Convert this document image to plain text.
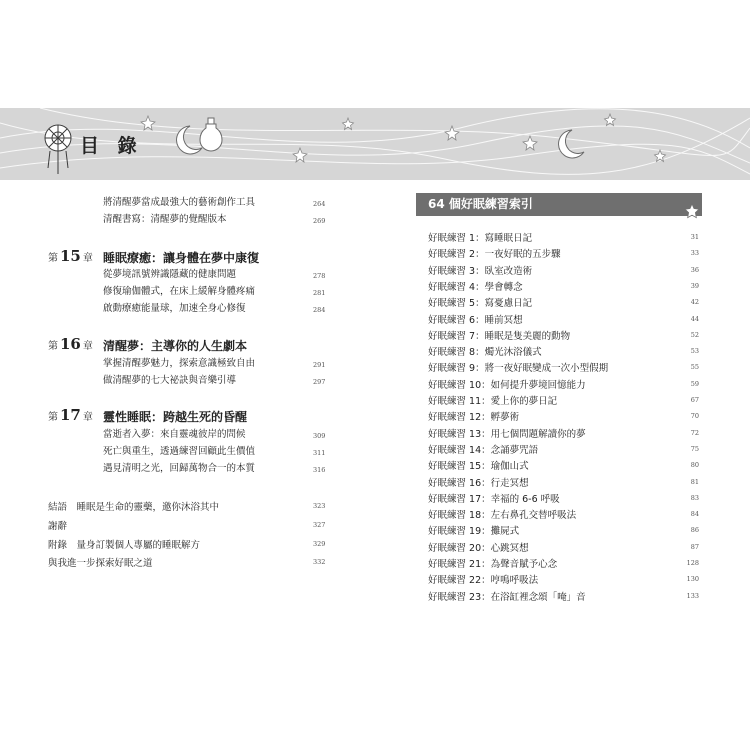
目 錄
將清醒夢當成最強大的藝術創作工具	264
清醒書寫：清醒夢的覺醒版本	269
第 15 章 睡眠療癒：讓身體在夢中康復
從夢境訊號辨識隱藏的健康問題	278
修復瑜伽體式，在床上緩解身體疼痛	281
啟動療癒能量球，加速全身心修復	284
第 16 章 清醒夢：主導你的人生劇本
掌握清醒夢魅力，探索意識極致自由	291
做清醒夢的七大祕訣與音樂引導	297
第 17 章 靈性睡眠：跨越生死的昏醒
當逝者入夢：來自靈魂彼岸的問候	309
死亡與重生，透過練習回顧此生價值	311
遇見清明之光，回歸萬物合一的本質	316
結語　睡眠是生命的靈藥，邀你沐浴其中	323
謝辭	327
附錄　量身訂製個人專屬的睡眠解方	329
與我進一步探索好眠之道	332
64 個好眠練習索引
好眠練習 1：寫睡眠日記	31
好眠練習 2：一夜好眠的五步驟	33
好眠練習 3：臥室改造術	36
好眠練習 4：學會轉念	39
好眠練習 5：寫憂慮日記	42
好眠練習 6：睡前冥想	44
好眠練習 7：睡眠是隻美麗的動物	52
好眠練習 8：燭光沐浴儀式	53
好眠練習 9：將一夜好眠變成一次小型假期	55
好眠練習 10：如何提升夢境回憶能力	59
好眠練習 11：愛上你的夢日記	67
好眠練習 12：孵夢術	70
好眠練習 13：用七個問題解讀你的夢	72
好眠練習 14：念誦夢咒語	75
好眠練習 15：瑜伽山式	80
好眠練習 16：行走冥想	81
好眠練習 17：幸福的 6-6 呼吸	83
好眠練習 18：左右鼻孔交替呼吸法	84
好眠練習 19：攤屍式	86
好眠練習 20：心跳冥想	87
好眠練習 21：為聲音賦予心念	128
好眠練習 22：哼鳴呼吸法	130
好眠練習 23：在浴缸裡念頌「唵」音	133
